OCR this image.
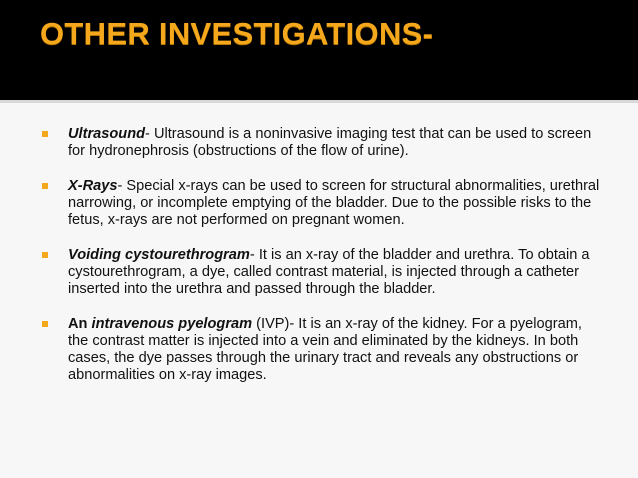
OTHER INVESTIGATIONS-
Ultrasound- Ultrasound is a noninvasive imaging test that can be used to screen for hydronephrosis (obstructions of the flow of urine).
X-Rays- Special x-rays can be used to screen for structural abnormalities, urethral narrowing, or incomplete emptying of the bladder. Due to the possible risks to the fetus, x-rays are not performed on pregnant women.
Voiding cystourethrogram- It is an x-ray of the bladder and urethra. To obtain a cystourethrogram, a dye, called contrast material, is injected through a catheter inserted into the urethra and passed through the bladder.
An intravenous pyelogram (IVP)- It is an x-ray of the kidney. For a pyelogram, the contrast matter is injected into a vein and eliminated by the kidneys. In both cases, the dye passes through the urinary tract and reveals any obstructions or abnormalities on x-ray images.
